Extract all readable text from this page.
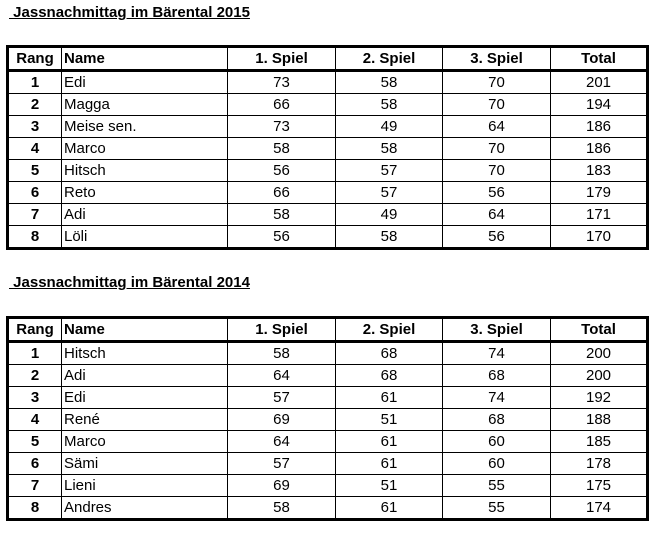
Jassnachmittag im Bärental 2015
Rang	Name	1. Spiel	2. Spiel	3. Spiel	Total
1	Edi	73	58	70	201
2	Magga	66	58	70	194
3	Meise sen.	73	49	64	186
4	Marco	58	58	70	186
5	Hitsch	56	57	70	183
6	Reto	66	57	56	179
7	Adi	58	49	64	171
8	Löli	56	58	56	170
Jassnachmittag im Bärental 2014
Rang	Name	1. Spiel	2. Spiel	3. Spiel	Total
1	Hitsch	58	68	74	200
2	Adi	64	68	68	200
3	Edi	57	61	74	192
4	René	69	51	68	188
5	Marco	64	61	60	185
6	Sämi	57	61	60	178
7	Lieni	69	51	55	175
8	Andres	58	61	55	174
